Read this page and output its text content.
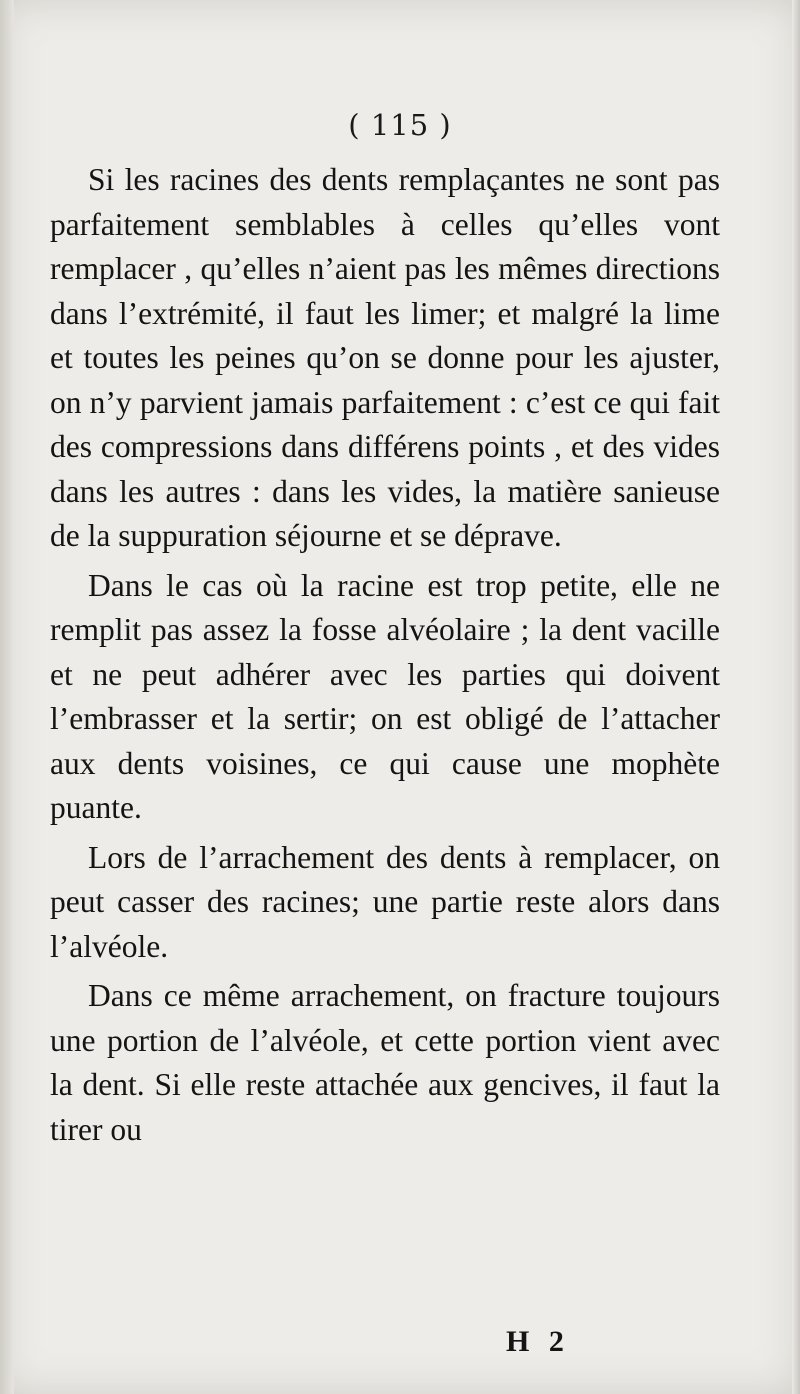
( 115 )

Si les racines des dents remplaçantes ne sont pas parfaitement semblables à celles qu’elles vont remplacer , qu’elles n’aient pas les mêmes directions dans l’extrémité, il faut les limer; et malgré la lime et toutes les peines qu’on se donne pour les ajuster, on n’y parvient jamais parfaitement : c’est ce qui fait des compressions dans différens points , et des vides dans les autres : dans les vides, la matière sanieuse de la suppuration séjourne et se déprave.

Dans le cas où la racine est trop petite, elle ne remplit pas assez la fosse alvéolaire ; la dent vacille et ne peut adhérer avec les parties qui doivent l’embrasser et la sertir; on est obligé de l’attacher aux dents voisines, ce qui cause une mophète puante.

Lors de l’arrachement des dents à remplacer, on peut casser des racines; une partie reste alors dans l’alvéole.

Dans ce même arrachement, on fracture toujours une portion de l’alvéole, et cette portion vient avec la dent. Si elle reste attachée aux gencives, il faut la tirer ou

H 2
